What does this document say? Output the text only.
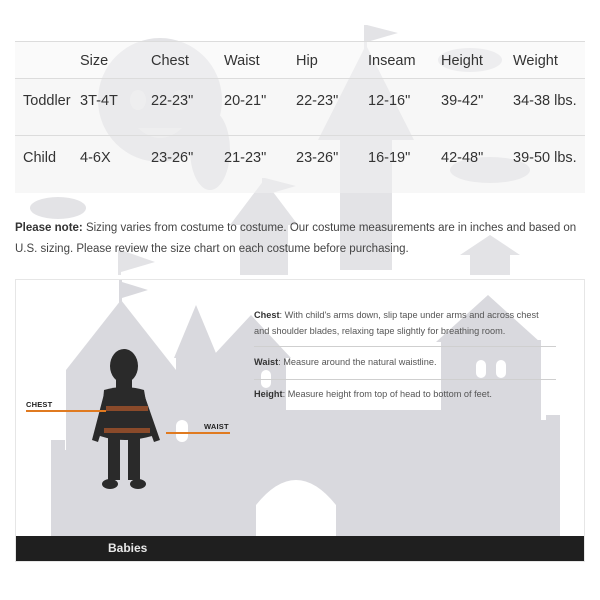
	Size	Chest	Waist	Hip	Inseam	Height	Weight
Toddler	3T-4T	22-23"	20-21"	22-23"	12-16"	39-42"	34-38 lbs.
Child	4-6X	23-26"	21-23"	23-26"	16-19"	42-48"	39-50 lbs.

Please note: Sizing varies from costume to costume. Our costume measurements are in inches and based on U.S. sizing. Please review the size chart on each costume before purchasing.

CHEST
WAIST

Chest: With child's arms down, slip tape under arms and across chest and shoulder blades, relaxing tape slightly for breathing room.

Waist: Measure around the natural waistline.

Height: Measure height from top of head to bottom of feet.

Babies
